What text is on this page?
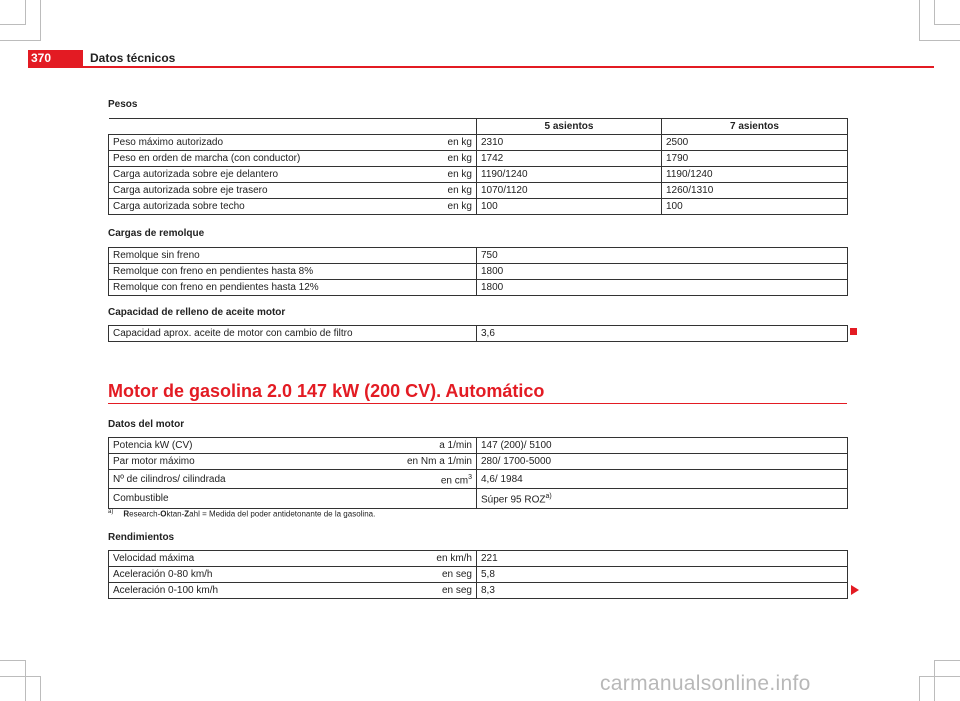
370	Datos técnicos
Pesos
		5 asientos	7 asientos
Peso máximo autorizado	en kg	2310	2500
Peso en orden de marcha (con conductor)	en kg	1742	1790
Carga autorizada sobre eje delantero	en kg	1190/1240	1190/1240
Carga autorizada sobre eje trasero	en kg	1070/1120	1260/1310
Carga autorizada sobre techo	en kg	100	100
Cargas de remolque
Remolque sin freno	750
Remolque con freno en pendientes hasta 8%	1800
Remolque con freno en pendientes hasta 12%	1800
Capacidad de relleno de aceite motor
Capacidad aprox. aceite de motor con cambio de filtro	3,6
Motor de gasolina 2.0 147 kW (200 CV). Automático
Datos del motor
Potencia kW (CV)	a 1/min	147 (200)/ 5100
Par motor máximo	en Nm a 1/min	280/ 1700-5000
Nº de cilindros/ cilindrada	en $cm^3$	4,6/ 1984
Combustible		Súper 95 ROZ$^{a)}$
$^{a)}$ Research-Oktan-Zahl = Medida del poder antidetonante de la gasolina.
Rendimientos
Velocidad máxima	en km/h	221
Aceleración 0-80 km/h	en seg	5,8
Aceleración 0-100 km/h	en seg	8,3
carmanualsonline.info
